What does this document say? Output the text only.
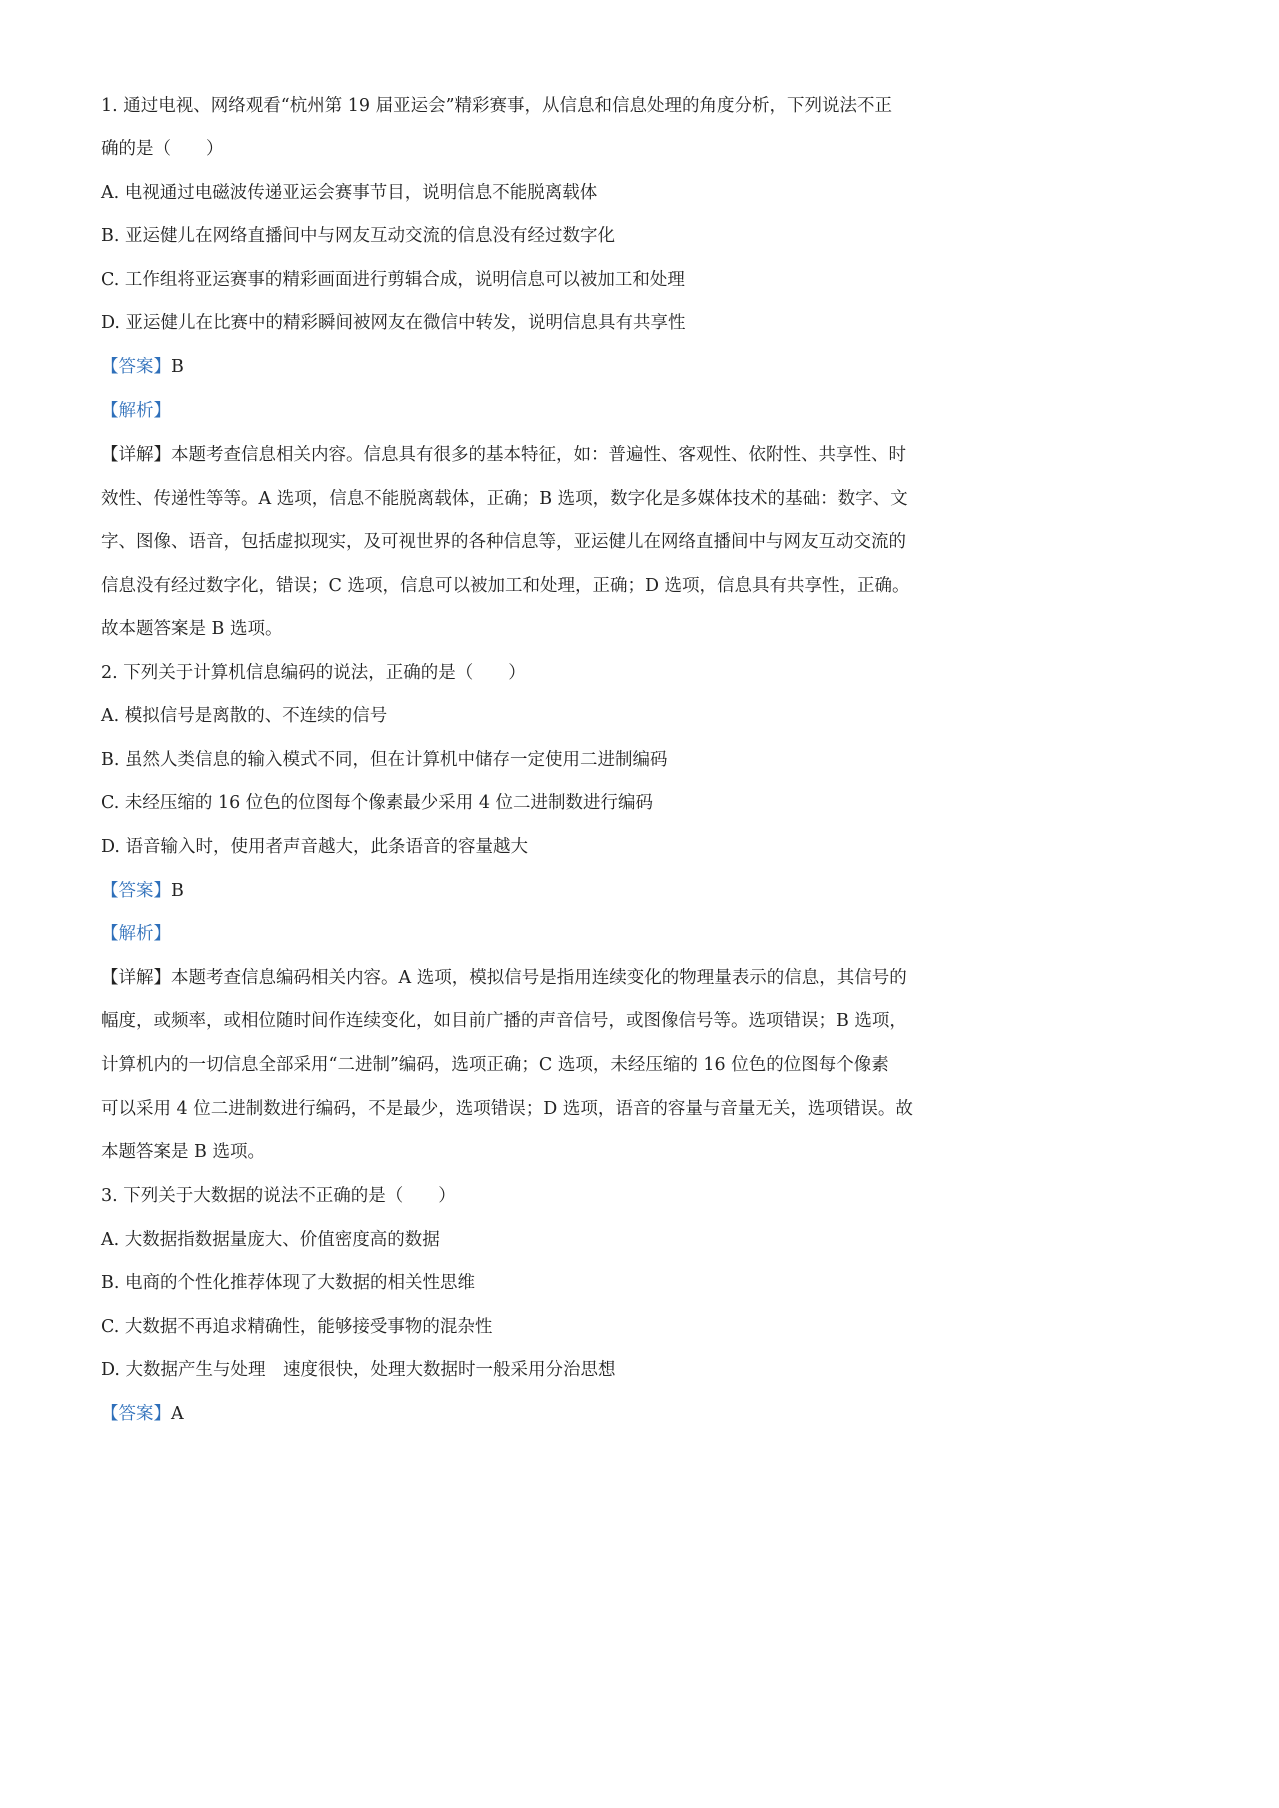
1. 通过电视、网络观看“杭州第 19 届亚运会”精彩赛事，从信息和信息处理的角度分析，下列说法不正
确的是（　　）
A. 电视通过电磁波传递亚运会赛事节目，说明信息不能脱离载体
B. 亚运健儿在网络直播间中与网友互动交流的信息没有经过数字化
C. 工作组将亚运赛事的精彩画面进行剪辑合成，说明信息可以被加工和处理
D. 亚运健儿在比赛中的精彩瞬间被网友在微信中转发，说明信息具有共享性
【答案】B
【解析】
【详解】本题考查信息相关内容。信息具有很多的基本特征，如：普遍性、客观性、依附性、共享性、时
效性、传递性等等。A 选项，信息不能脱离载体，正确；B 选项，数字化是多媒体技术的基础：数字、文
字、图像、语音，包括虚拟现实，及可视世界的各种信息等，亚运健儿在网络直播间中与网友互动交流的
信息没有经过数字化，错误；C 选项，信息可以被加工和处理，正确；D 选项，信息具有共享性，正确。
故本题答案是 B 选项。
2. 下列关于计算机信息编码的说法，正确的是（　　）
A. 模拟信号是离散的、不连续的信号
B. 虽然人类信息的输入模式不同，但在计算机中储存一定使用二进制编码
C. 未经压缩的 16 位色的位图每个像素最少采用 4 位二进制数进行编码
D. 语音输入时，使用者声音越大，此条语音的容量越大
【答案】B
【解析】
【详解】本题考查信息编码相关内容。A 选项，模拟信号是指用连续变化的物理量表示的信息，其信号的
幅度，或频率，或相位随时间作连续变化，如目前广播的声音信号，或图像信号等。选项错误；B 选项，
计算机内的一切信息全部采用“二进制”编码，选项正确；C 选项，未经压缩的 16 位色的位图每个像素
可以采用 4 位二进制数进行编码，不是最少，选项错误；D 选项，语音的容量与音量无关，选项错误。故
本题答案是 B 选项。
3. 下列关于大数据的说法不正确的是（　　）
A. 大数据指数据量庞大、价值密度高的数据
B. 电商的个性化推荐体现了大数据的相关性思维
C. 大数据不再追求精确性，能够接受事物的混杂性
D. 大数据产生与处理　速度很快，处理大数据时一般采用分治思想
【答案】A
